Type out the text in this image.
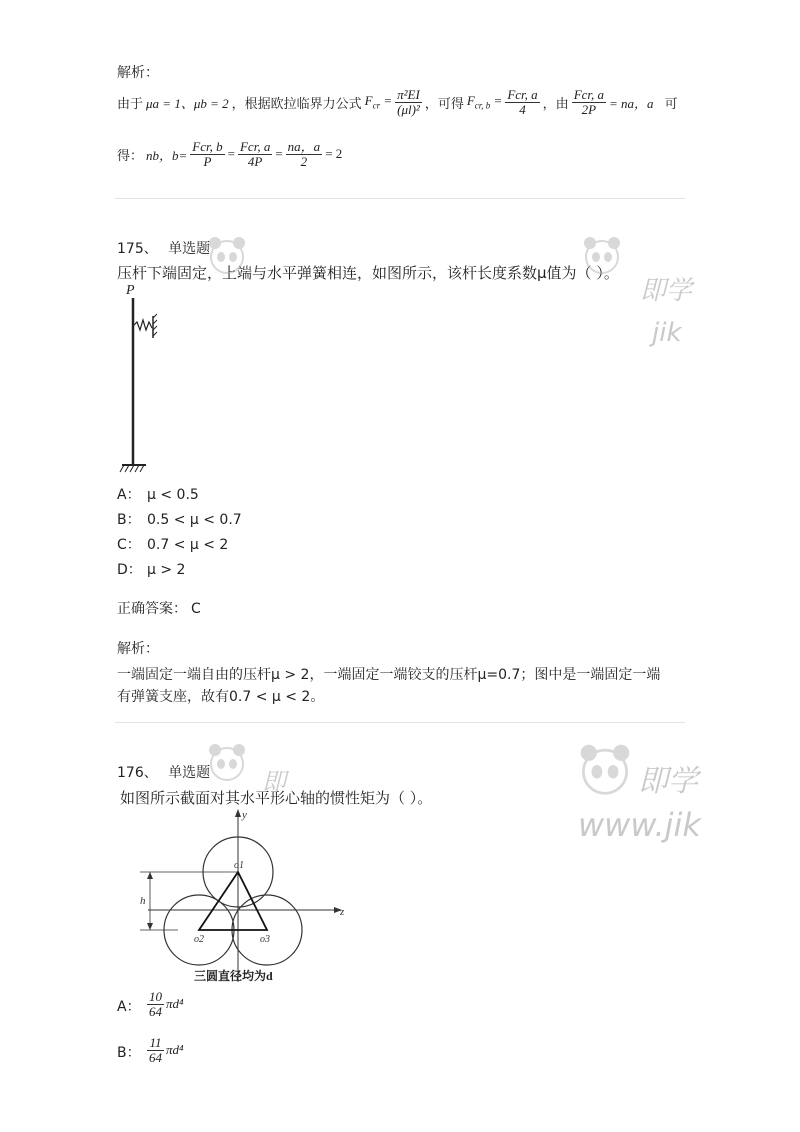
解析：
由于 μa = 1、μb = 2 ，根据欧拉临界力公式 $F_{cr} = \frac{\text{π²EI}}{\text{(μl)²}}$ ，可得 $F_{cr, b} = \frac{\text{Fcr, a}}{4}$ ，由 $\frac{\text{Fcr, a}}{2P}$ = na，a 可
得： nb，$b= \frac{\text{Fcr, b}}{P} = \frac{\text{Fcr, a}}{4P} = \frac{na,a}{2} = 2$
175、 单选题
压杆下端固定，上端与水平弹簧相连，如图所示，该杆长度系数μ值为（ ）。
P
A： μ < 0.5
B： 0.5 < μ < 0.7
C： 0.7 < μ < 2
D： μ > 2
正确答案： C
解析：
一端固定一端自由的压杆μ > 2，一端固定一端铰支的压杆μ=0.7；图中是一端固定一端
有弹簧支座，故有0.7 < μ < 2。
176、 单选题
如图所示截面对其水平形心轴的惯性矩为（ ）。
y
z
h
o1
o2	o3
三圆直径均为d
A： $\frac{10}{64} \pi d^4$
B： $\frac{11}{64} \pi d^4$
即学
jik
即	即学
www.jik
